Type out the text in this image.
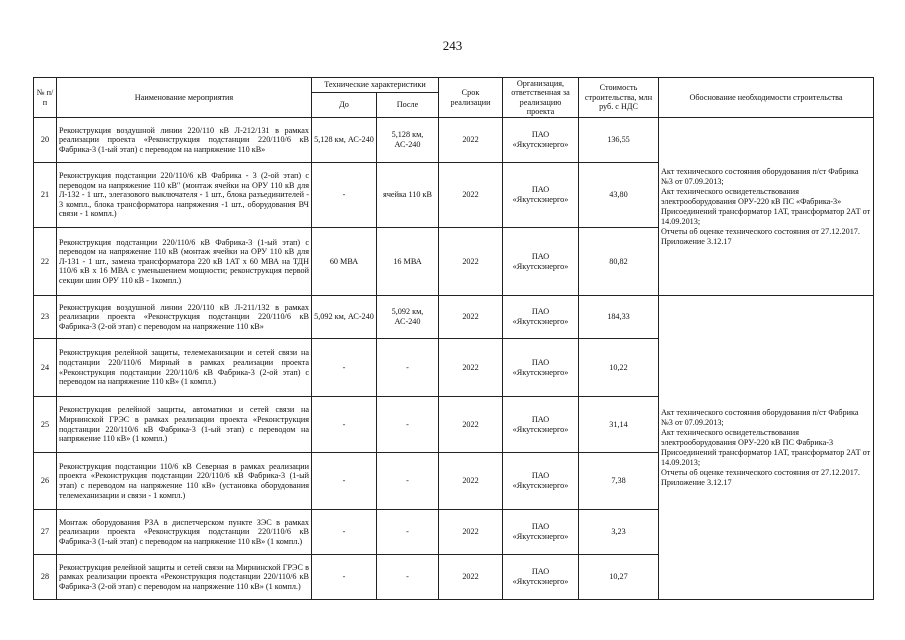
243
№ п/п	Наименование мероприятия	Технические характеристики		Срок реализации	Организация, ответственная за реализацию проекта	Стоимость строительства, млн руб. с НДС	Обоснование необходимости строительства
		До	После				
20	Реконструкция воздушной линии 220/110 кВ Л-212/131 в рамках реализации проекта «Реконструкция подстанции 220/110/6 кВ Фабрика-3 (1-ый этап) с переводом на напряжение 110 кВ»	5,128 км, АС-240	5,128 км, АС-240	2022	ПАО «Якутскэнерго»	136,55	Акт технического состояния оборудования п/ст Фабрика №3 от 07.09.2013;
Акт технического освидетельствования электрооборудования ОРУ-220 кВ ПС «Фабрика-3» Присоединений трансформатор 1АТ, трансформатор 2АТ от 14.09.2013;
Отчеты об оценке технического состояния от 27.12.2017.
Приложение 3.12.17

21	Реконструкция подстанции 220/110/6 кВ Фабрика - 3 (2-ой этап) с переводом на напряжение 110 кВ" (монтаж ячейки на ОРУ 110 кВ для Л-132 - 1 шт., элегазового выключателя - 1 шт., блока разъединителей - 3 компл., блока трансформатора напряжения -1 шт., оборудования ВЧ связи - 1 компл.)	-	ячейка 110 кВ	2022	ПАО «Якутскэнерго»	43,80	
22	Реконструкция подстанции 220/110/6 кВ Фабрика-3 (1-ый этап) с переводом на напряжение 110 кВ (монтаж ячейки на ОРУ 110 кВ для Л-131 - 1 шт., замена трансформатора 220 кВ 1АТ х 60 МВА на ТДН 110/6 кВ х 16 МВА с уменьшением мощности; реконструкция первой секции шин ОРУ 110 кВ - 1компл.)	60 МВА	16 МВА	2022	ПАО «Якутскэнерго»	80,82	
23	Реконструкция воздушной линии 220/110 кВ Л-211/132 в рамках реализации проекта «Реконструкция подстанции 220/110/6 кВ Фабрика-3 (2-ой этап) с переводом на напряжение 110 кВ»	5,092 км, АС-240	5,092 км, АС-240	2022	ПАО «Якутскэнерго»	184,33	Акт технического состояния оборудования п/ст Фабрика №3 от 07.09.2013;
Акт технического освидетельствования электрооборудования ОРУ-220 кВ ПС Фабрика-3 Присоединений трансформатор 1АТ, трансформатор 2АТ от 14.09.2013;
Отчеты об оценке технического состояния от 27.12.2017. Приложение 3.12.17

24	Реконструкция релейной защиты, телемеханизации и сетей связи на подстанции 220/110/6 Мирный в рамках реализации проекта «Реконструкция подстанции 220/110/6 кВ Фабрика-3 (2-ой этап) с переводом на напряжение 110 кВ» (1 компл.)	-	-	2022	ПАО «Якутскэнерго»	10,22	
25	Реконструкция релейной защиты, автоматики и сетей связи на Мирнинской ГРЭС в рамках реализации проекта «Реконструкция подстанции 220/110/6 кВ Фабрика-3 (1-ый этап) с переводом на напряжение 110 кВ» (1 компл.)	-	-	2022	ПАО «Якутскэнерго»	31,14	
26	Реконструкция подстанции 110/6 кВ Северная в рамках реализации проекта «Реконструкция подстанции 220/110/6 кВ Фабрика-3 (1-ый этап) с переводом на напряжение 110 кВ» (установка оборудования телемеханизации и связи - 1 компл.)	-	-	2022	ПАО «Якутскэнерго»	7,38	
27	Монтаж оборудования РЗА в диспетчерском пункте ЗЭС в рамках реализации проекта «Реконструкция подстанции 220/110/6 кВ Фабрика-3 (1-ый этап) с переводом на напряжение 110 кВ» (1 компл.)	-	-	2022	ПАО «Якутскэнерго»	3,23	
28	Реконструкция релейной защиты и сетей связи на Мирнинской ГРЭС в рамках реализации проекта «Реконструкция подстанции 220/110/6 кВ Фабрика-3 (2-ой этап) с переводом на напряжение 110 кВ» (1 компл.)	-	-	2022	ПАО «Якутскэнерго»	10,27	
